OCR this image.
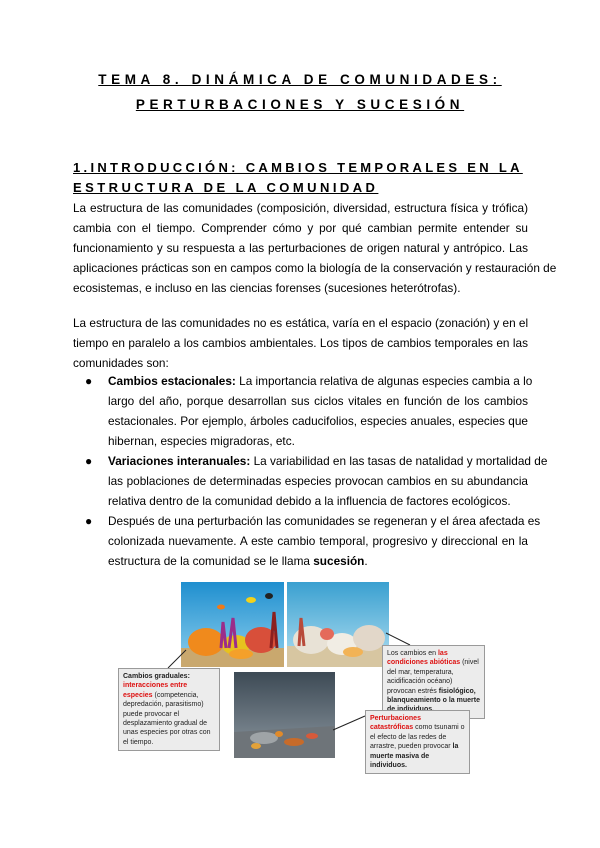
TEMA 8. DINÁMICA DE COMUNIDADES:
PERTURBACIONES Y SUCESIÓN
1.INTRODUCCIÓN: CAMBIOS TEMPORALES EN LA
ESTRUCTURA DE LA COMUNIDAD
La estructura de las comunidades (composición, diversidad, estructura física y trófica)
cambia con el tiempo. Comprender cómo y por qué cambian permite entender su
funcionamiento y su respuesta a las perturbaciones de origen natural y antrópico. Las
aplicaciones prácticas son en campos como la biología de la conservación y restauración de
ecosistemas, e incluso en las ciencias forenses (sucesiones heterótrofas).
La estructura de las comunidades no es estática, varía en el espacio (zonación) y en el
tiempo en paralelo a los cambios ambientales. Los tipos de cambios temporales en las
comunidades son:
● Cambios estacionales: La importancia relativa de algunas especies cambia a lo
largo del año, porque desarrollan sus ciclos vitales en función de los cambios
estacionales. Por ejemplo, árboles caducifolios, especies anuales, especies que
hibernan, especies migradoras, etc.
● Variaciones interanuales: La variabilidad en las tasas de natalidad y mortalidad de
las poblaciones de determinadas especies provocan cambios en su abundancia
relativa dentro de la comunidad debido a la influencia de factores ecológicos.
● Después de una perturbación las comunidades se regeneran y el área afectada es
colonizada nuevamente. A este cambio temporal, progresivo y direccional en la
estructura de la comunidad se le llama sucesión.
Cambios graduales: interacciones entre especies (competencia, depredación, parasitismo) puede provocar el desplazamiento gradual de unas especies por otras con el tiempo.
Los cambios en las condiciones abióticas (nivel del mar, temperatura, acidificación océano) provocan estrés fisiológico, blanqueamiento o la muerte
Perturbaciones catastróficas como tsunami o el efecto de las redes de arrastre, pueden provocar la muerte masiva de individuos.
